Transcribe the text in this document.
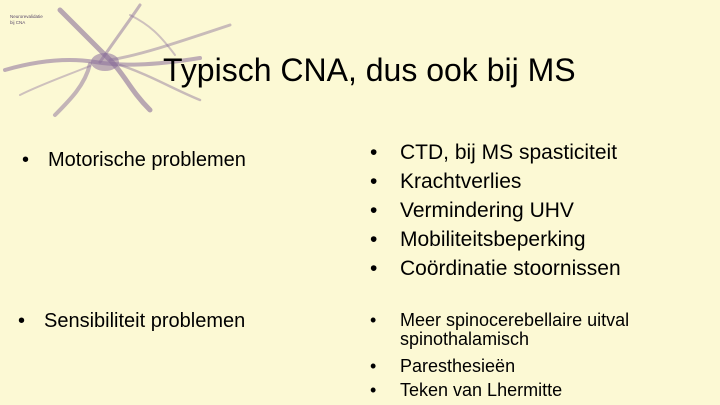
Neurorevalidatie
bij CNA
Typisch CNA, dus ook bij MS
• Motorische problemen
• Sensibiliteit problemen
• CTD, bij MS spasticiteit
• Krachtverlies
• Vermindering UHV
• Mobiliteitsbeperking
• Coördinatie stoornissen
• Meer spinocerebellaire uitval
spinothalamisch
• Paresthesieën
• Teken van Lhermitte
